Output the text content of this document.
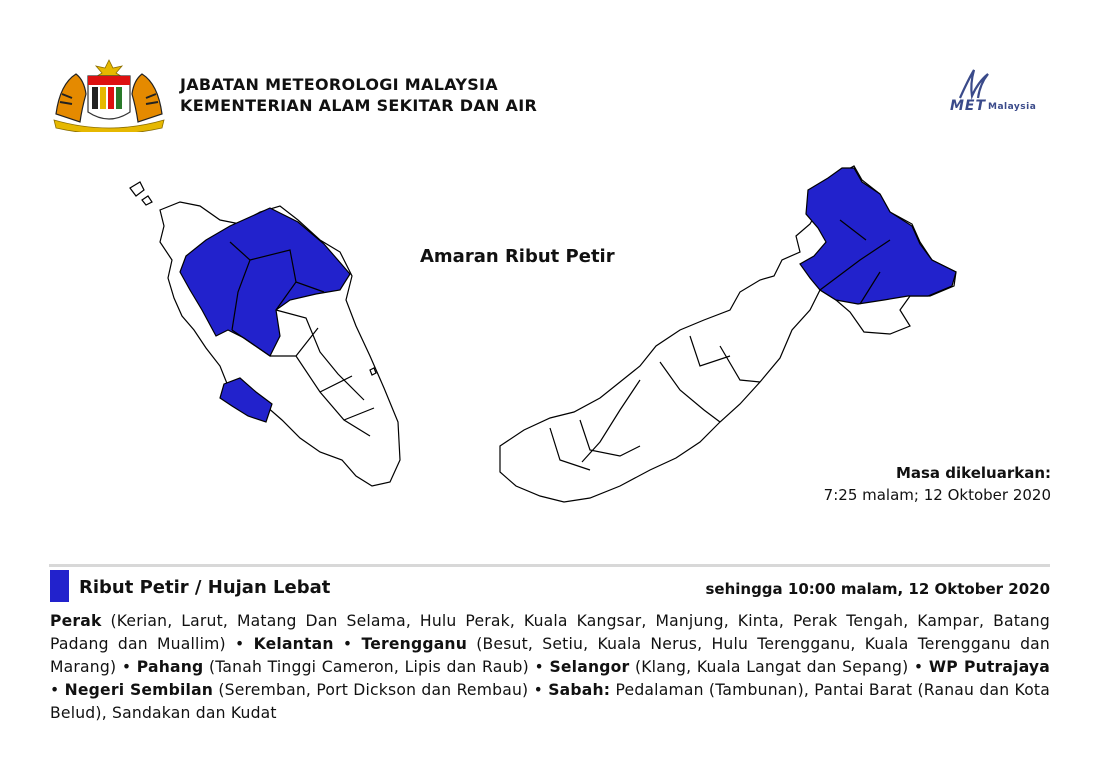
JABATAN METEOROLOGI MALAYSIA
KEMENTERIAN ALAM SEKITAR DAN AIR	MET Malaysia
Amaran Ribut Petir
Masa dikeluarkan:
7:25 malam; 12 Oktober 2020
Ribut Petir / Hujan Lebat	sehingga 10:00 malam, 12 Oktober 2020
Perak (Kerian, Larut, Matang Dan Selama, Hulu Perak, Kuala Kangsar, Manjung, Kinta, Perak Tengah, Kampar, Batang Padang dan Muallim) • Kelantan • Terengganu (Besut, Setiu, Kuala Nerus, Hulu Terengganu, Kuala Terengganu dan Marang) • Pahang (Tanah Tinggi Cameron, Lipis dan Raub) • Selangor (Klang, Kuala Langat dan Sepang) • WP Putrajaya • Negeri Sembilan (Seremban, Port Dickson dan Rembau) • Sabah: Pedalaman (Tambunan), Pantai Barat (Ranau dan Kota Belud), Sandakan dan Kudat
